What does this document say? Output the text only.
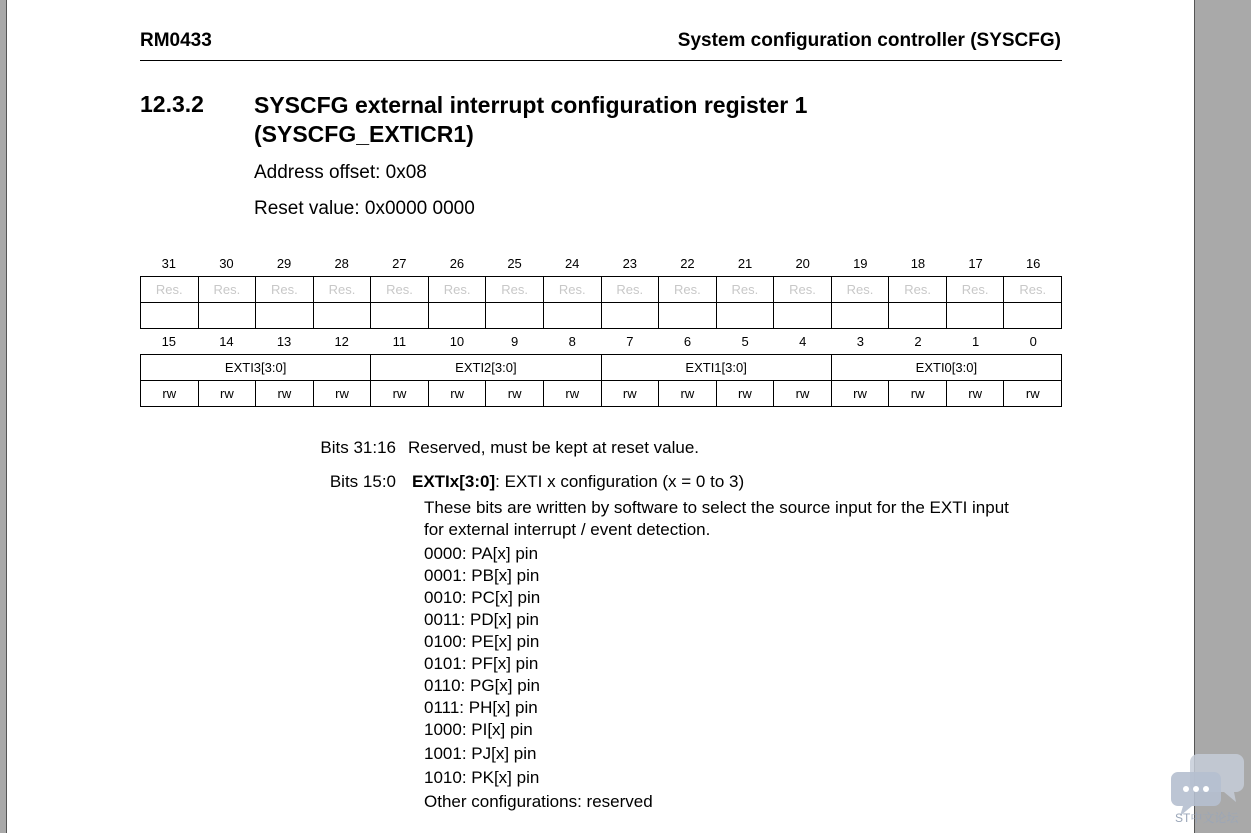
RM0433	System configuration controller (SYSCFG)
12.3.2 SYSCFG external interrupt configuration register 1
(SYSCFG_EXTICR1)
Address offset: 0x08
Reset value: 0x0000 0000
31	30	29	28	27	26	25	24	23	22	21	20	19	18	17	16
Res.	Res.	Res.	Res.	Res.	Res.	Res.	Res.	Res.	Res.	Res.	Res.	Res.	Res.	Res.	Res.

15	14	13	12	11	10	9	8	7	6	5	4	3	2	1	0
EXTI3[3:0]				EXTI2[3:0]				EXTI1[3:0]				EXTI0[3:0]			
rw	rw	rw	rw	rw	rw	rw	rw	rw	rw	rw	rw	rw	rw	rw	rw
Bits 31:16 Reserved, must be kept at reset value.
Bits 15:0 EXTIx[3:0]: EXTI x configuration (x = 0 to 3)
These bits are written by software to select the source input for the EXTI input
for external interrupt / event detection.
0000: PA[x] pin
0001: PB[x] pin
0010: PC[x] pin
0011: PD[x] pin
0100: PE[x] pin
0101: PF[x] pin
0110: PG[x] pin
0111: PH[x] pin
1000: PI[x] pin
1001: PJ[x] pin
1010: PK[x] pin
Other configurations: reserved
ST中文论坛
